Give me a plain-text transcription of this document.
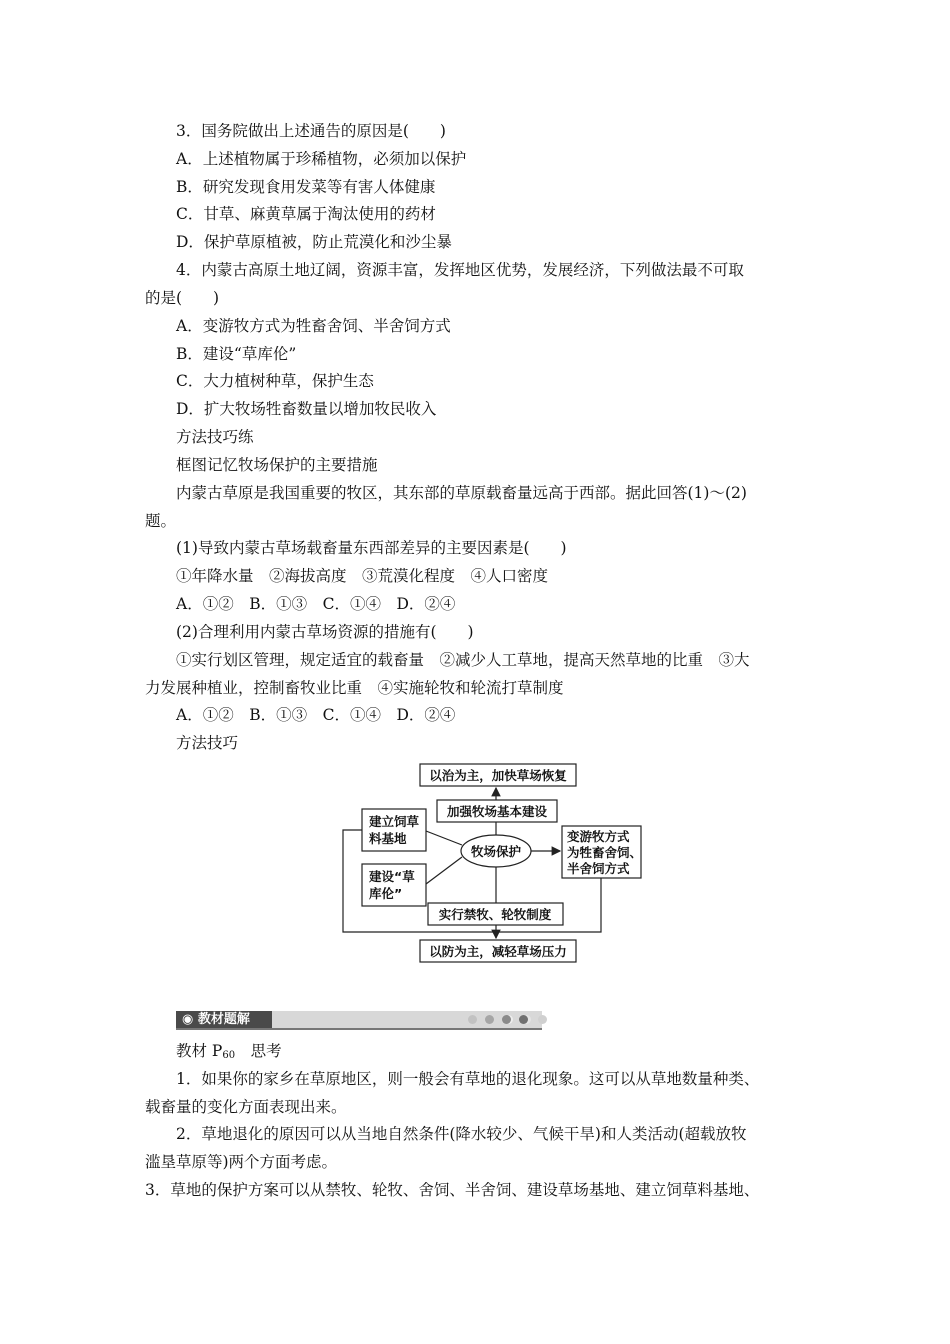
3．国务院做出上述通告的原因是(　　)
A．上述植物属于珍稀植物，必须加以保护
B．研究发现食用发菜等有害人体健康
C．甘草、麻黄草属于淘汰使用的药材
D．保护草原植被，防止荒漠化和沙尘暴
4．内蒙古高原土地辽阔，资源丰富，发挥地区优势，发展经济，下列做法最不可取
的是(　　)
A．变游牧方式为牲畜舍饲、半舍饲方式
B．建设“草库伦”
C．大力植树种草，保护生态
D．扩大牧场牲畜数量以增加牧民收入
方法技巧练
框图记忆牧场保护的主要措施
内蒙古草原是我国重要的牧区，其东部的草原载畜量远高于西部。据此回答(1)～(2)
题。
(1)导致内蒙古草场载畜量东西部差异的主要因素是(　　)
①年降水量　②海拔高度　③荒漠化程度　④人口密度
A．①②　B．①③　C．①④　D．②④
(2)合理利用内蒙古草场资源的措施有(　　)
①实行划区管理，规定适宜的载畜量　②减少人工草地，提高天然草地的比重　③大
力发展种植业，控制畜牧业比重　④实施轮牧和轮流打草制度
A．①②　B．①③　C．①④　D．②④
方法技巧
以治为主，加快草场恢复
加强牧场基本建设
牧场保护
建立饲草
料基地
建设“草
库伦”
变游牧方式
为牲畜舍饲、
半舍饲方式
实行禁牧、轮牧制度
以防为主，减轻草场压力
◉ 教材题解
教材 $P_{60}$　思考
1．如果你的家乡在草原地区，则一般会有草地的退化现象。这可以从草地数量种类、
载畜量的变化方面表现出来。
2．草地退化的原因可以从当地自然条件(降水较少、气候干旱)和人类活动(超载放牧
滥垦草原等)两个方面考虑。
3．草地的保护方案可以从禁牧、轮牧、舍饲、半舍饲、建设草场基地、建立饲草料基地、
